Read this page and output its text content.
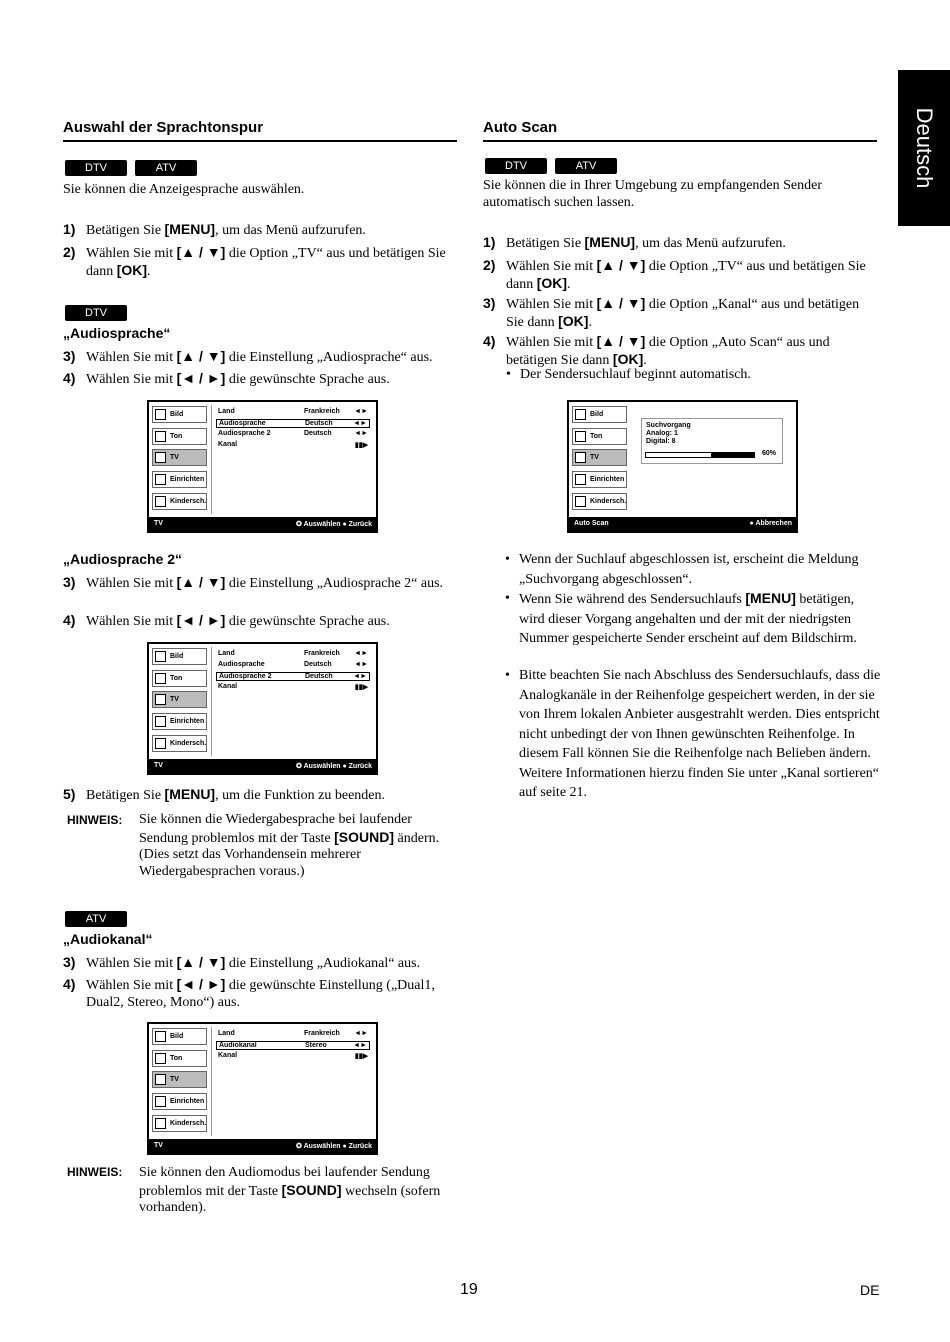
Deutsch
Auswahl der Sprachtonspur
DTV	ATV
Sie können die Anzeigesprache auswählen.
1) Betätigen Sie [MENU], um das Menü aufzurufen.
2) Wählen Sie mit [▲ / ▼] die Option „TV“ aus und betätigen Sie dann [OK].
DTV
„Audiosprache“
3) Wählen Sie mit [▲ / ▼] die Einstellung „Audiosprache“ aus.
4) Wählen Sie mit [◄ / ►] die gewünschte Sprache aus.
Bild
Ton
TV
Einrichten
Kindersch.
Land	Frankreich ◄►
Audiosprache	Deutsch	◄►
Audiosprache 2	Deutsch	◄►
Kanal	▮▮▶
TV	✪ Auswählen ● Zurück
„Audiosprache 2“
3) Wählen Sie mit [▲ / ▼] die Einstellung „Audiosprache 2“ aus.
4) Wählen Sie mit [◄ / ►] die gewünschte Sprache aus.
Bild
Ton
TV
Einrichten
Kindersch.
Land	Frankreich ◄►
Audiosprache	Deutsch	◄►
Audiosprache 2	Deutsch	◄►
Kanal	▮▮▶
TV	✪ Auswählen ● Zurück
5) Betätigen Sie [MENU], um die Funktion zu beenden.
HINWEIS: Sie können die Wiedergabesprache bei laufender Sendung problemlos mit der Taste [SOUND] ändern. (Dies setzt das Vorhandensein mehrerer Wiedergabesprachen voraus.)
ATV
„Audiokanal“
3) Wählen Sie mit [▲ / ▼] die Einstellung „Audiokanal“ aus.
4) Wählen Sie mit [◄ / ►] die gewünschte Einstellung („Dual1, Dual2, Stereo, Mono“) aus.
Bild
Ton
TV
Einrichten
Kindersch.
Land	Frankreich ◄►
Audiokanal	Stereo	◄►
Kanal	▮▮▶
TV	✪ Auswählen ● Zurück
HINWEIS: Sie können den Audiomodus bei laufender Sendung problemlos mit der Taste [SOUND] wechseln (sofern vorhanden).
Auto Scan
DTV	ATV
Sie können die in Ihrer Umgebung zu empfangenden Sender automatisch suchen lassen.
1) Betätigen Sie [MENU], um das Menü aufzurufen.
2) Wählen Sie mit [▲ / ▼] die Option „TV“ aus und betätigen Sie dann [OK].
3) Wählen Sie mit [▲ / ▼] die Option „Kanal“ aus und betätigen Sie dann [OK].
4) Wählen Sie mit [▲ / ▼] die Option „Auto Scan“ aus und betätigen Sie dann [OK].
• Der Sendersuchlauf beginnt automatisch.
Bild
Ton
TV
Einrichten
Kindersch.
Suchvorgang
Analog: 1
Digital: 8
60%
Auto Scan	● Abbrechen
• Wenn der Suchlauf abgeschlossen ist, erscheint die Meldung „Suchvorgang abgeschlossen“.
• Wenn Sie während des Sendersuchlaufs [MENU] betätigen, wird dieser Vorgang angehalten und der mit der niedrigsten Nummer gespeicherte Sender erscheint auf dem Bildschirm.
• Bitte beachten Sie nach Abschluss des Sendersuchlaufs, dass die Analogkanäle in der Reihenfolge gespeichert werden, in der sie von Ihrem lokalen Anbieter ausgestrahlt werden. Dies entspricht nicht unbedingt der von Ihnen gewünschten Reihenfolge. In diesem Fall können Sie die Reihenfolge nach Belieben ändern. Weitere Informationen hierzu finden Sie unter „Kanal sortieren“ auf seite 21.
19	DE
